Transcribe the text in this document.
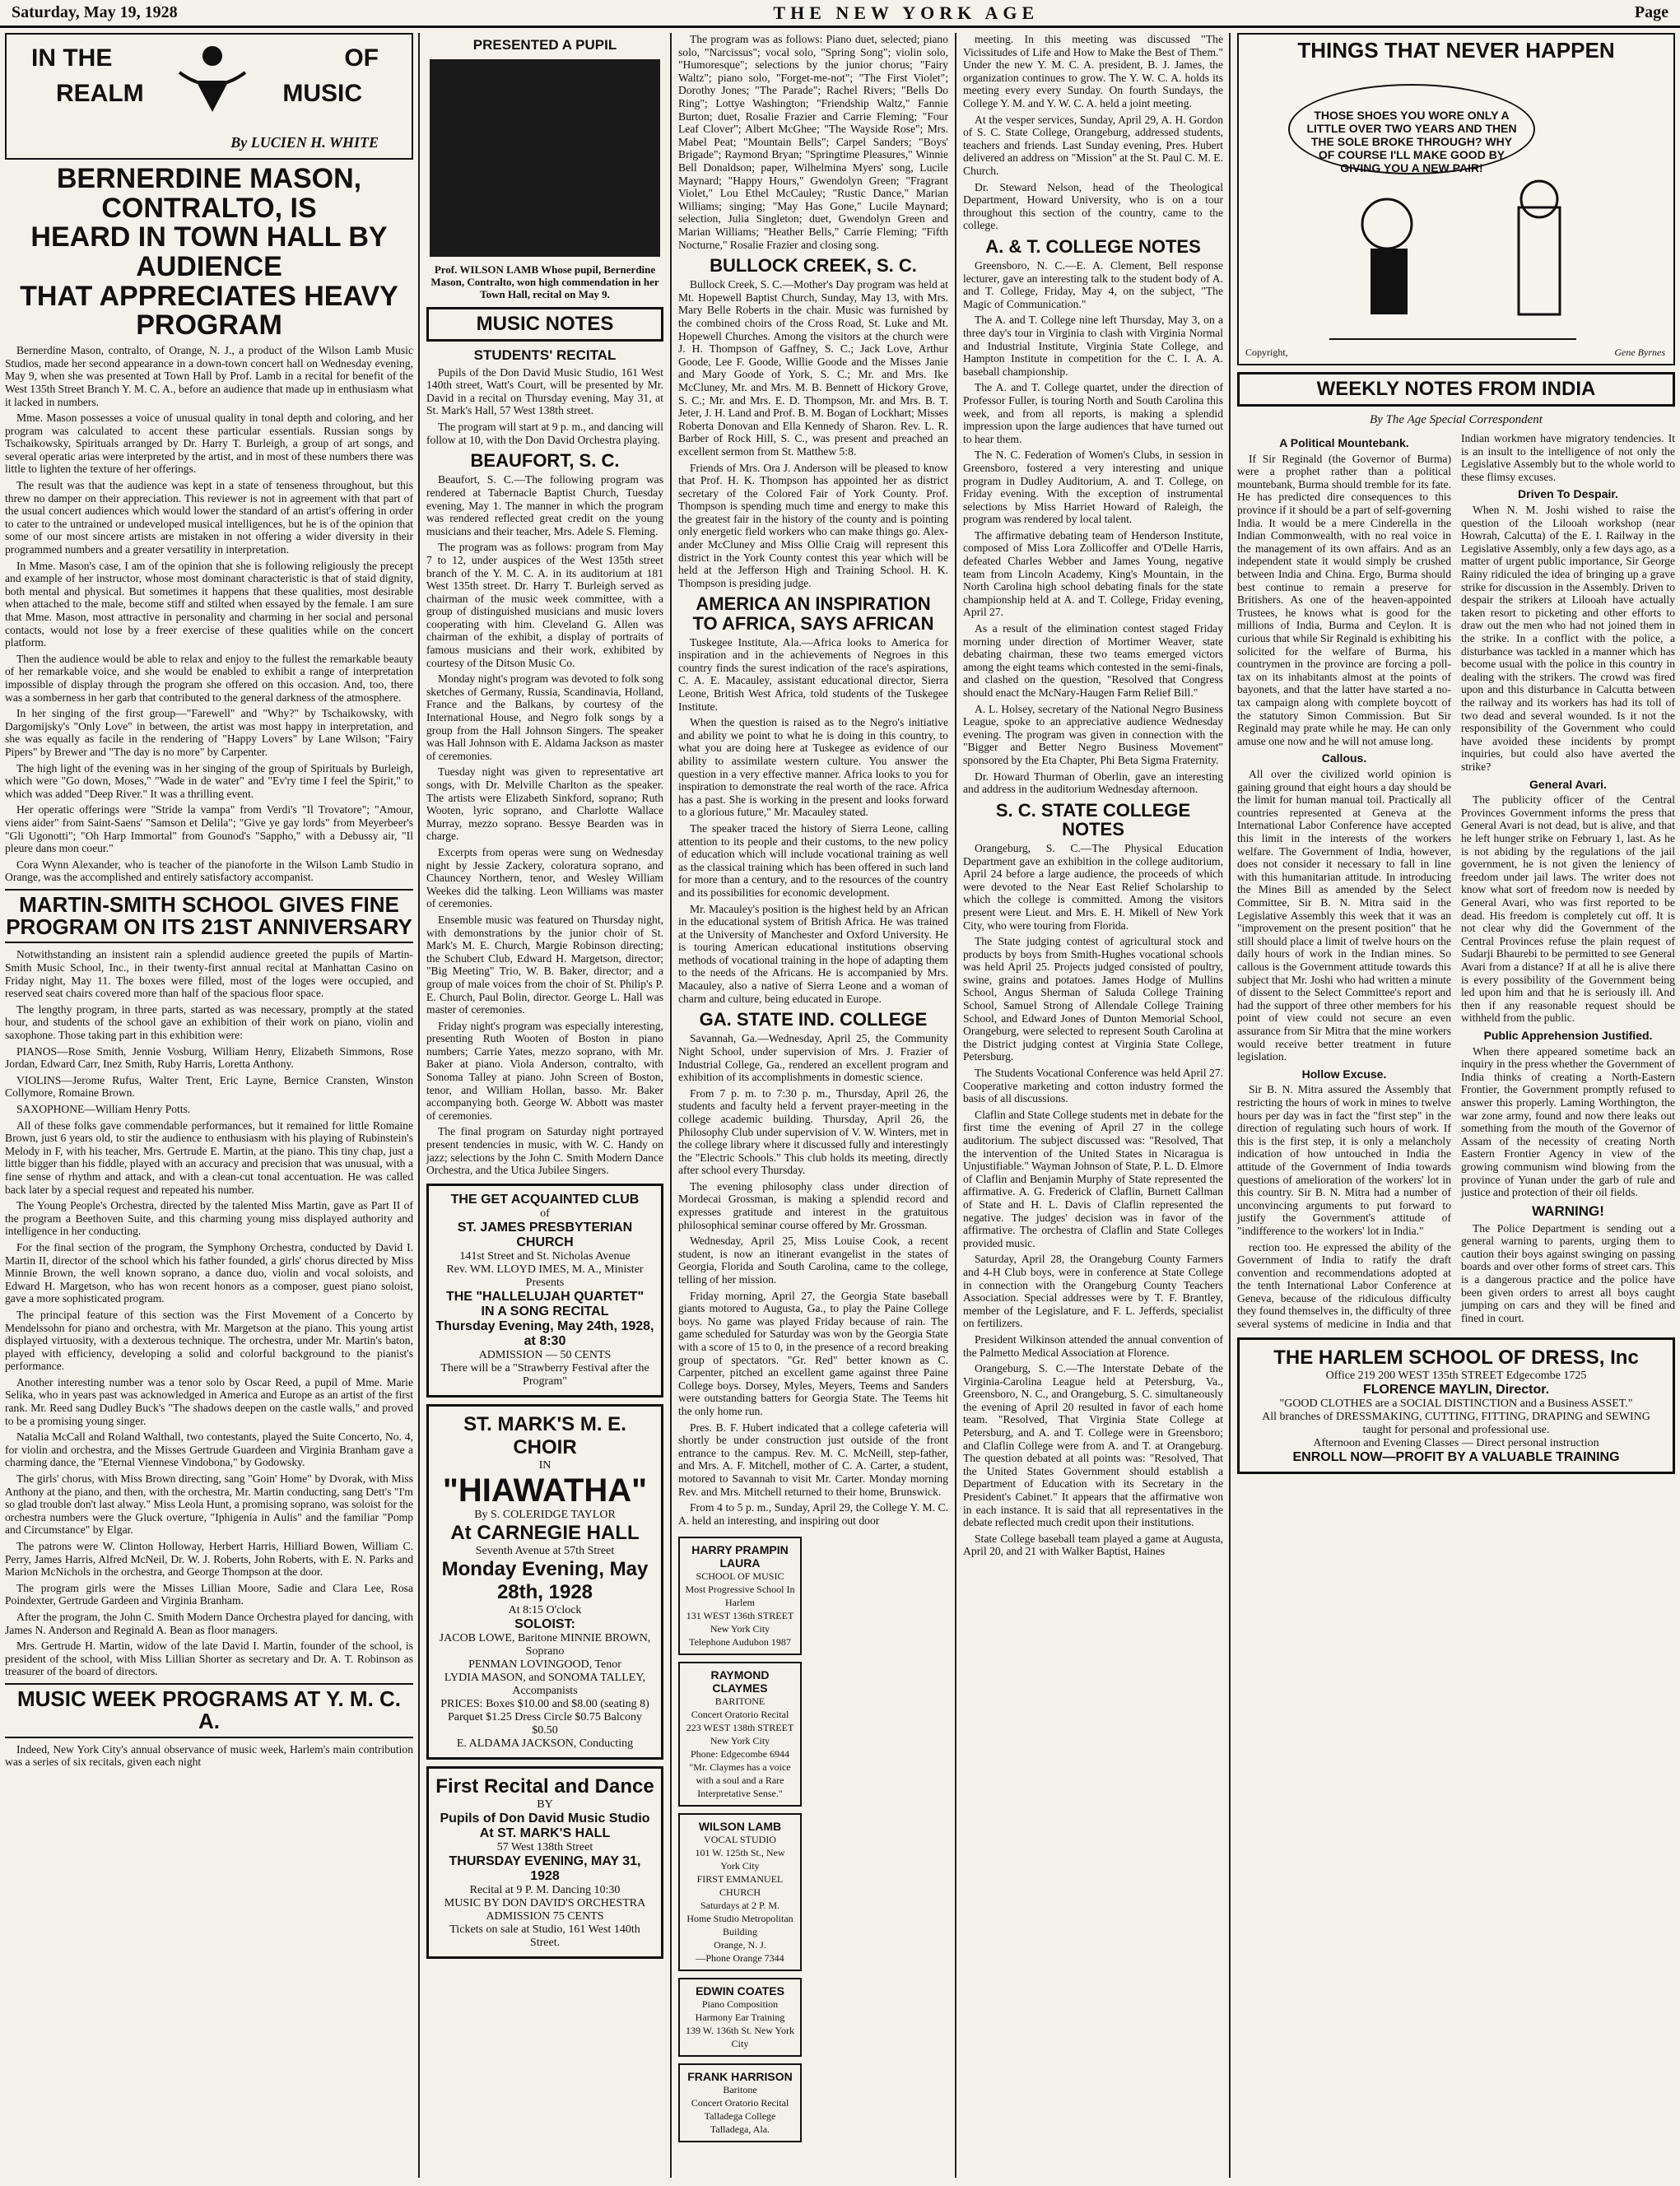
Saturday, May 19, 1928	THE NEW YORK AGE	Page
IN THE
REALM
OF
MUSIC
By LUCIEN H. WHITE
BERNERDINE MASON, CONTRALTO, IS
HEARD IN TOWN HALL BY AUDIENCE
THAT APPRECIATES HEAVY PROGRAM

Bernerdine Mason, contralto, of Orange, N. J., a product of the Wilson Lamb Music Studios, made her second appearance in a down-town concert hall on Wednesday evening, May 9, when she was presented at Town Hall by Prof. Lamb in a recital for benefit of the West 135th Street Branch Y. M. C. A., before an audience that made up in enthusiasm what it lacked in numbers.

Mme. Mason possesses a voice of unusual quality in tonal depth and coloring, and her program was calculated to accent these particular essentials. Russian songs by Tschaikowsky, Spirituals arranged by Dr. Harry T. Burleigh, a group of art songs, and several operatic arias were interpreted by the artist, and in most of these numbers there was little to lighten the texture of her offerings.

The result was that the audience was kept in a state of tenseness throughout, but this threw no damper on their appreciation. This reviewer is not in agreement with that part of the usual concert audiences which would lower the standard of an artist's offering in order to cater to the untrained or undeveloped musical intelligences, but he is of the opinion that some of our most sincere artists are mistaken in not offering a wider diversity in their programmed numbers and a greater versatility in interpretation.

In Mme. Mason's case, I am of the opinion that she is following religiously the precept and example of her instructor, whose most dominant characteristic is that of staid dignity, both mental and physical. But sometimes it happens that these qualities, most desirable when attached to the male, become stiff and stilted when essayed by the female. I am sure that Mme. Mason, most attractive in personality and charming in her social and personal contacts, would not lose by a freer exercise of these qualities while on the concert platform.

Then the audience would be able to relax and enjoy to the fullest the remarkable beauty of her remarkable voice, and she would be enabled to exhibit a range of interpretation impossible of display through the program she offered on this occasion. And, too, there was a somberness in her garb that contributed to the general darkness of the atmosphere.

In her singing of the first group—"Farewell" and "Why?" by Tschaikowsky, with Dargomijsky's "Only Love" in between, the artist was most happy in interpretation, and she was equally as facile in the rendering of "Happy Lovers" by Lane Wilson; "Fairy Pipers" by Brewer and "The day is no more" by Carpenter.

The high light of the evening was in her singing of the group of Spirituals by Burleigh, which were "Go down, Moses," "Wade in de water" and "Ev'ry time I feel the Spirit," to which was added "Deep River." It was a thrilling event.

Her operatic offerings were "Stride la vampa" from Verdi's "Il Trovatore"; "Amour, viens aider" from Saint-Saens' "Samson et Delila"; "Give ye gay lords" from Meyerbeer's "Gli Ugonotti"; "Oh Harp Immortal" from Gounod's "Sappho," with a Debussy air, "Il pleure dans mon coeur."

Cora Wynn Alexander, who is teacher of the pianoforte in the Wilson Lamb Studio in Orange, was the accomplished and entirely satisfactory accompanist.

MARTIN-SMITH SCHOOL GIVES FINE
PROGRAM ON ITS 21ST ANNIVERSARY

Notwithstanding an insistent rain a splendid audience greeted the pupils of Martin-Smith Music School, Inc., in their twenty-first annual recital at Manhattan Casino on Friday night, May 11. The boxes were filled, most of the loges were occupied, and reserved seat chairs covered more than half of the spacious floor space.

The lengthy program, in three parts, started as was necessary, promptly at the stated hour, and students of the school gave an exhibition of their work on piano, violin and saxophone. Those taking part in this exhibition were:

PIANOS—Rose Smith, Jennie Vosburg, William Henry, Elizabeth Simmons, Rose Jordan, Edward Carr, Inez Smith, Ruby Harris, Loretta Anthony.

VIOLINS—Jerome Rufus, Walter Trent, Eric Layne, Bernice Cransten, Winston Collymore, Romaine Brown.

SAXOPHONE—William Henry Potts.

All of these folks gave commendable performances, but it remained for little Romaine Brown, just 6 years old, to stir the audience to enthusiasm with his playing of Rubinstein's Melody in F, with his teacher, Mrs. Gertrude E. Martin, at the piano. This tiny chap, just a little bigger than his fiddle, played with an accuracy and precision that was unusual, with a fine sense of rhythm and attack, and with a clean-cut tonal accentuation. He was called back later by a special request and repeated his number.

The Young People's Orchestra, directed by the talented Miss Martin, gave as Part II of the program a Beethoven Suite, and this charming young miss displayed authority and intelligence in her conducting.

For the final section of the program, the Symphony Orchestra, conducted by David I. Martin II, director of the school which his father founded, a girls' chorus directed by Miss Minnie Brown, the well known soprano, a dance duo, violin and vocal soloists, and Edward H. Margetson, who has won recent honors as a composer, guest piano soloist, gave a more sophisticated program.

The principal feature of this section was the First Movement of a Concerto by Mendelssohn for piano and orchestra, with Mr. Margetson at the piano. This young artist displayed virtuosity, with a dexterous technique. The orchestra, under Mr. Martin's baton, played with efficiency, developing a solid and colorful background to the pianist's performance.

Another interesting number was a tenor solo by Oscar Reed, a pupil of Mme. Marie Selika, who in years past was acknowledged in America and Europe as an artist of the first rank. Mr. Reed sang Dudley Buck's "The shadows deepen on the castle walls," and proved to be a promising young singer.

Natalia McCall and Roland Walthall, two contestants, played the Suite Concerto, No. 4, for violin and orchestra, and the Misses Gertrude Guardeen and Virginia Branham gave a charming dance, the "Eternal Viennese Vindobona," by Godowsky.

The girls' chorus, with Miss Brown directing, sang "Goin' Home" by Dvorak, with Miss Anthony at the piano, and then, with the orchestra, Mr. Martin conducting, sang Dett's "I'm so glad trouble don't last alway." Miss Leola Hunt, a promising soprano, was soloist for the orchestra numbers were the Gluck overture, "Iphigenia in Aulis" and the familiar "Pomp and Circumstance" by Elgar.

The patrons were W. Clinton Holloway, Herbert Harris, Hilliard Bowen, William C. Perry, James Harris, Alfred McNeil, Dr. W. J. Roberts, John Roberts, with E. N. Parks and Marion McNichols in the orchestra, and George Thompson at the door.

The program girls were the Misses Lillian Moore, Sadie and Clara Lee, Rosa Poindexter, Gertrude Gardeen and Virginia Branham.

After the program, the John C. Smith Modern Dance Orchestra played for dancing, with James N. Anderson and Reginald A. Bean as floor managers.

Mrs. Gertrude H. Martin, widow of the late David I. Martin, founder of the school, is president of the school, with Miss Lillian Shorter as secretary and Dr. A. T. Robinson as treasurer of the board of directors.

MUSIC WEEK PROGRAMS AT Y. M. C. A.

Indeed, New York City's annual observance of music week, Harlem's main contribution was a series of six recitals, given each night

PRESENTED A PUPIL
Prof. WILSON LAMB Whose pupil, Bernerdine Mason, Contralto, won high commendation in her Town Hall, recital on May 9.
MUSIC NOTES
STUDENTS' RECITAL

Pupils of the Don David Music Studio, 161 West 140th street, Watt's Court, will be presented by Mr. David in a recital on Thursday evening, May 31, at St. Mark's Hall, 57 West 138th street.

The program will start at 9 p. m., and dancing will follow at 10, with the Don David Orchestra playing.

BEAUFORT, S. C.

Beaufort, S. C.—The following program was rendered at Tabernacle Baptist Church, Tuesday evening, May 1. The manner in which the program was rendered reflected great credit on the young musicians and their teacher, Mrs. Adele S. Fleming.

The program was as follows: program from May 7 to 12, under auspices of the West 135th street branch of the Y. M. C. A. in its auditorium at 181 West 135th street. Dr. Harry T. Burleigh served as chairman of the music week committee, with a group of distinguished musicians and music lovers cooperating with him. Cleveland G. Allen was chairman of the exhibit, a display of portraits of famous musicians and their work, exhibited by courtesy of the Ditson Music Co.

Monday night's program was devoted to folk song sketches of Germany, Russia, Scandinavia, Holland, France and the Balkans, by courtesy of the International House, and Negro folk songs by a group from the Hall Johnson Singers. The speaker was Hall Johnson with E. Aldama Jackson as master of ceremonies.

Tuesday night was given to representative art songs, with Dr. Melville Charlton as the speaker. The artists were Elizabeth Sinkford, soprano; Ruth Wooten, lyric soprano, and Charlotte Wallace Murray, mezzo soprano. Bessye Bearden was in charge.

Excerpts from operas were sung on Wednesday night by Jessie Zackery, coloratura soprano, and Chauncey Northern, tenor, and Wesley William Weekes did the talking. Leon Williams was master of ceremonies.

Ensemble music was featured on Thursday night, with demonstrations by the junior choir of St. Mark's M. E. Church, Margie Robinson directing; the Schubert Club, Edward H. Margetson, director; "Big Meeting" Trio, W. B. Baker, director; and a group of male voices from the choir of St. Philip's P. E. Church, Paul Bolin, director. George L. Hall was master of ceremonies.

Friday night's program was especially interesting, presenting Ruth Wooten of Boston in piano numbers; Carrie Yates, mezzo soprano, with Mr. Baker at piano. Viola Anderson, contralto, with Sonoma Talley at piano. John Screen of Boston, tenor, and William Hollan, basso. Mr. Baker accompanying both. George W. Abbott was master of ceremonies.

The final program on Saturday night portrayed present tendencies in music, with W. C. Handy on jazz; selections by the John C. Smith Modern Dance Orchestra, and the Utica Jubilee Singers.

THE GET ACQUAINTED CLUB
of
ST. JAMES PRESBYTERIAN CHURCH
141st Street and St. Nicholas Avenue
Rev. WM. LLOYD IMES, M. A., Minister
Presents
THE "HALLELUJAH QUARTET"
IN A SONG RECITAL
Thursday Evening, May 24th, 1928, at 8:30
ADMISSION — 50 CENTS
There will be a "Strawberry Festival after the Program"
ST. MARK'S M. E. CHOIR
IN
"HIAWATHA"
By S. COLERIDGE TAYLOR
At CARNEGIE HALL
Seventh Avenue at 57th Street
Monday Evening, May 28th, 1928
At 8:15 O'clock
SOLOIST:
JACOB LOWE, Baritone MINNIE BROWN, Soprano
PENMAN LOVINGOOD, Tenor
LYDIA MASON, and SONOMA TALLEY, Accompanists
PRICES: Boxes $10.00 and $8.00 (seating 8) Parquet $1.25 Dress Circle $0.75 Balcony $0.50
E. ALDAMA JACKSON, Conducting
First Recital and Dance
BY
Pupils of Don David Music Studio
At ST. MARK'S HALL
57 West 138th Street
THURSDAY EVENING, MAY 31, 1928
Recital at 9 P. M. Dancing 10:30
MUSIC BY DON DAVID'S ORCHESTRA
ADMISSION 75 CENTS
Tickets on sale at Studio, 161 West 140th Street.

The program was as follows: Piano duet, selected; piano solo, "Narcissus"; vocal solo, "Spring Song"; violin solo, "Humoresque"; selections by the junior chorus; "Fairy Waltz"; piano solo, "Forget-me-not"; "The First Violet"; Dorothy Jones; "The Parade"; Rachel Rivers; "Bells Do Ring"; Lottye Washington; "Friendship Waltz," Fannie Burton; duet, Rosalie Frazier and Carrie Fleming; "Four Leaf Clover"; Albert McGhee; "The Wayside Rose"; Mrs. Mabel Peat; "Mountain Bells"; Carpel Sanders; "Boys' Brigade"; Raymond Bryan; "Springtime Pleasures," Winnie Bell Donaldson; paper, Wilhelmina Myers' song, Lucile Maynard; "Happy Hours," Gwendolyn Green; "Fragrant Violet," Lou Ethel McCauley; "Rustic Dance," Marian Williams; singing; "May Has Gone," Lucile Maynard; selection, Julia Singleton; duet, Gwendolyn Green and Marian Williams; "Heather Bells," Carrie Fleming; "Fifth Nocturne," Rosalie Frazier and closing song.

BULLOCK CREEK, S. C.

Bullock Creek, S. C.—Mother's Day program was held at Mt. Hopewell Baptist Church, Sunday, May 13, with Mrs. Mary Belle Roberts in the chair. Music was furnished by the combined choirs of the Cross Road, St. Luke and Mt. Hopewell Churches. Among the visitors at the church were J. H. Thompson of Gaffney, S. C.; Jack Love, Arthur Goode, Lee F. Goode, Willie Goode and the Misses Janie and Mary Goode of York, S. C.; Mr. and Mrs. Ike McCluney, Mr. and Mrs. M. B. Bennett of Hickory Grove, S. C.; Mr. and Mrs. E. D. Thompson, Mr. and Mrs. B. T. Jeter, J. H. Land and Prof. B. M. Bogan of Lockhart; Misses Roberta Donovan and Ella Kennedy of Sharon. Rev. L. R. Barber of Rock Hill, S. C., was present and preached an excellent sermon from St. Matthew 5:8.

Friends of Mrs. Ora J. Anderson will be pleased to know that Prof. H. K. Thompson has appointed her as district secretary of the Colored Fair of York County. Prof. Thompson is spending much time and energy to make this the greatest fair in the history of the county and is pointing only energetic field workers who can make things go. Alex-ander McCluney and Miss Ollie Craig will represent this district in the York County contest this year which will be held at the Jefferson High and Training School. H. K. Thompson is presiding judge.

AMERICA AN INSPIRATION
TO AFRICA, SAYS AFRICAN

Tuskegee Institute, Ala.—Africa looks to America for inspiration and in the achievements of Negroes in this country finds the surest indication of the race's aspirations, C. A. E. Macauley, assistant educational director, Sierra Leone, British West Africa, told students of the Tuskegee Institute.

When the question is raised as to the Negro's initiative and ability we point to what he is doing in this country, to what you are doing here at Tuskegee as evidence of our ability to assimilate western culture. You answer the question in a very effective manner. Africa looks to you for inspiration to demonstrate the real worth of the race. Africa has a past. She is working in the present and looks forward to a glorious future," Mr. Macauley stated.

The speaker traced the history of Sierra Leone, calling attention to its people and their customs, to the new policy of education which will include vocational training as well as the classical training which has been offered in such land for more than a century, and to the resources of the country and its possibilities for economic development.

Mr. Macauley's position is the highest held by an African in the educational system of British Africa. He was trained at the University of Manchester and Oxford University. He is touring American educational institutions observing methods of vocational training in the hope of adapting them to the needs of the Africans. He is accompanied by Mrs. Macauley, also a native of Sierra Leone and a woman of charm and culture, being educated in Europe.

GA. STATE IND. COLLEGE

Savannah, Ga.—Wednesday, April 25, the Community Night School, under supervision of Mrs. J. Frazier of Industrial College, Ga., rendered an excellent program and exhibition of its accomplishments in domestic science.

From 7 p. m. to 7:30 p. m., Thursday, April 26, the students and faculty held a fervent prayer-meeting in the college academic building. Thursday, April 26, the Philosophy Club under supervision of V. W. Winters, met in the college library where it discussed fully and interestingly the "Electric Schools." This club holds its meeting, directly after school every Thursday.

The evening philosophy class under direction of Mordecai Grossman, is making a splendid record and expresses gratitude and interest in the gratuitous philosophical seminar course offered by Mr. Grossman.

Wednesday, April 25, Miss Louise Cook, a recent student, is now an itinerant evangelist in the states of Georgia, Florida and South Carolina, came to the college, telling of her mission.

Friday morning, April 27, the Georgia State baseball giants motored to Augusta, Ga., to play the Paine College boys. No game was played Friday because of rain. The game scheduled for Saturday was won by the Georgia State with a score of 15 to 0, in the presence of a record breaking group of spectators. "Gr. Red" better known as C. Carpenter, pitched an excellent game against three Paine College boys. Dorsey, Myles, Meyers, Teems and Sanders were outstanding batters for Georgia State. The Teems hit the only home run.

Pres. B. F. Hubert indicated that a college cafeteria will shortly be under construction just outside of the front entrance to the campus. Rev. M. C. McNeill, step-father, and Mrs. A. F. Mitchell, mother of C. A. Carter, a student, motored to Savannah to visit Mr. Carter. Monday morning Rev. and Mrs. Mitchell returned to their home, Brunswick.

From 4 to 5 p. m., Sunday, April 29, the College Y. M. C. A. held an interesting, and inspiring out door

HARRY PRAMPIN LAURA
SCHOOL OF MUSIC
Most Progressive School In Harlem
131 WEST 136th STREET
New York City
Telephone Audubon 1987
RAYMOND CLAYMES
BARITONE
Concert Oratorio Recital
223 WEST 138th STREET
New York City
Phone: Edgecombe 6944
"Mr. Claymes has a voice with a soul and a Rare Interpretative Sense."
WILSON LAMB
VOCAL STUDIO
101 W. 125th St., New York City
FIRST EMMANUEL CHURCH
Saturdays at 2 P. M.
Home Studio Metropolitan Building
Orange, N. J.
—Phone Orange 7344
EDWIN COATES
Piano Composition
Harmony Ear Training
139 W. 136th St. New York City
FRANK HARRISON
Baritone
Concert Oratorio Recital
Talladega College
Talladega, Ala.

meeting. In this meeting was discussed "The Vicissitudes of Life and How to Make the Best of Them." Under the new Y. M. C. A. president, B. J. James, the organization continues to grow. The Y. W. C. A. holds its meeting every every Sunday. On fourth Sundays, the College Y. M. and Y. W. C. A. held a joint meeting.

At the vesper services, Sunday, April 29, A. H. Gordon of S. C. State College, Orangeburg, addressed students, teachers and friends. Last Sunday evening, Pres. Hubert delivered an address on "Mission" at the St. Paul C. M. E. Church.

Dr. Steward Nelson, head of the Theological Department, Howard University, who is on a tour throughout this section of the country, came to the college.

A. & T. COLLEGE NOTES

Greensboro, N. C.—E. A. Clement, Bell response lecturer, gave an interesting talk to the student body of A. and T. College, Friday, May 4, on the subject, "The Magic of Communication."

The A. and T. College nine left Thursday, May 3, on a three day's tour in Virginia to clash with Virginia Normal and Industrial Institute, Virginia State College, and Hampton Institute in competition for the C. I. A. A. baseball championship.

The A. and T. College quartet, under the direction of Professor Fuller, is touring North and South Carolina this week, and from all reports, is making a splendid impression upon the large audiences that have turned out to hear them.

The N. C. Federation of Women's Clubs, in session in Greensboro, fostered a very interesting and unique program in Dudley Auditorium, A. and T. College, on Friday evening. With the exception of instrumental selections by Miss Harriet Howard of Raleigh, the program was rendered by local talent.

The affirmative debating team of Henderson Institute, composed of Miss Lora Zollicoffer and O'Delle Harris, defeated Charles Webber and James Young, negative team from Lincoln Academy, King's Mountain, in the North Carolina high school debating finals for the state championship held at A. and T. College, Friday evening, April 27.

As a result of the elimination contest staged Friday morning under direction of Mortimer Weaver, state debating chairman, these two teams emerged victors among the eight teams which contested in the semi-finals, and clashed on the question, "Resolved that Congress should enact the McNary-Haugen Farm Relief Bill."

A. L. Holsey, secretary of the National Negro Business League, spoke to an appreciative audience Wednesday evening. The program was given in connection with the "Bigger and Better Negro Business Movement" sponsored by the Eta Chapter, Phi Beta Sigma Fraternity.

Dr. Howard Thurman of Oberlin, gave an interesting and address in the auditorium Wednesday afternoon.

S. C. STATE COLLEGE NOTES

Orangeburg, S. C.—The Physical Education Department gave an exhibition in the college auditorium, April 24 before a large audience, the proceeds of which were devoted to the Near East Relief Scholarship to which the college is committed. Among the visitors present were Lieut. and Mrs. E. H. Mikell of New York City, who were touring from Florida.

The State judging contest of agricultural stock and products by boys from Smith-Hughes vocational schools was held April 25. Projects judged consisted of poultry, swine, grains and potatoes. James Hodge of Mullins School, Angus Sherman of Saluda College Training School, Samuel Strong of Allendale College Training School, and Edward Jones of Dunton Memorial School, Orangeburg, were selected to represent South Carolina at the District judging contest at Virginia State College, Petersburg.

The Students Vocational Conference was held April 27. Cooperative marketing and cotton industry formed the basis of all discussions.

Claflin and State College students met in debate for the first time the evening of April 27 in the college auditorium. The subject discussed was: "Resolved, That the intervention of the United States in Nicaragua is Unjustifiable." Wayman Johnson of State, P. L. D. Elmore of Claflin and Benjamin Murphy of State represented the affirmative. A. G. Frederick of Claflin, Burnett Callman of State and H. L. Davis of Claflin represented the negative. The judges' decision was in favor of the affirmative. The orchestra of Claflin and State Colleges provided music.

Saturday, April 28, the Orangeburg County Farmers and 4-H Club boys, were in conference at State College in connection with the Orangeburg County Teachers Association. Special addresses were by T. F. Brantley, member of the Legislature, and F. L. Jefferds, specialist on fertilizers.

President Wilkinson attended the annual convention of the Palmetto Medical Association at Florence.

Orangeburg, S. C.—The Interstate Debate of the Virginia-Carolina League held at Petersburg, Va., Greensboro, N. C., and Orangeburg, S. C. simultaneously the evening of April 20 resulted in favor of each home team. "Resolved, That Virginia State College at Petersburg, and A. and T. College were in Greensboro; and Claflin College were from A. and T. at Orangeburg. The question debated at all points was: "Resolved, That the United States Government should establish a Department of Education with its Secretary in the President's Cabinet." It appears that the affirmative won in each instance. It is said that all representatives in the debate reflected much credit upon their institutions.

State College baseball team played a game at Augusta, April 20, and 21 with Walker Baptist, Haines

THINGS THAT NEVER HAPPEN
THOSE SHOES YOU WORE ONLY A LITTLE OVER TWO YEARS AND THEN THE SOLE BROKE THROUGH? WHY OF COURSE I'LL MAKE GOOD BY GIVING YOU A NEW PAIR!
Copyright,	Gene Byrnes
WEEKLY NOTES FROM INDIA
By The Age Special Correspondent
A Political Mountebank.

If Sir Reginald (the Governor of Burma) were a prophet rather than a political mountebank, Burma should tremble for its fate. He has predicted dire consequences to this province if it should be a part of self-governing India. It would be a mere Cinderella in the Indian Commonwealth, with no real voice in the management of its own affairs. And as an independent state it would simply be crushed between India and China. Ergo, Burma should best continue to remain a preserve for Britishers. As one of the heaven-appointed Trustees, he knows what is good for the millions of India, Burma and Ceylon. It is curious that while Sir Reginald is exhibiting his solicited for the welfare of Burma, his countrymen in the province are forcing a poll-tax on its inhabitants almost at the points of bayonets, and that the latter have started a no-tax campaign along with complete boycott of the statutory Simon Commission. But Sir Reginald may prate while he may. He can only amuse one now and he will not amuse long.

Callous.

All over the civilized world opinion is gaining ground that eight hours a day should be the limit for human manual toil. Practically all countries represented at Geneva at the International Labor Conference have accepted this limit in the interests of the workers welfare. The Government of India, however, does not consider it necessary to fall in line with this humanitarian attitude. In introducing the Mines Bill as amended by the Select Committee, Sir B. N. Mitra said in the Legislative Assembly this week that it was an "improvement on the present position" that he still should place a limit of twelve hours on the daily hours of work in the Indian mines. So callous is the Government attitude towards this subject that Mr. Joshi who had written a minute of dissent to the Select Committee's report and had the support of three other members for his point of view could not secure an even assurance from Sir Mitra that the mine workers would receive better treatment in future legislation.

Hollow Excuse.

Sir B. N. Mitra assured the Assembly that restricting the hours of work in mines to twelve hours per day was in fact the "first step" in the direction of regulating such hours of work. If this is the first step, it is only a melancholy indication of how untouched in India the attitude of the Government of India towards questions of amelioration of the workers' lot in this country. Sir B. N. Mitra had a number of unconvincing arguments to put forward to justify the Government's attitude of "indifference to the workers' lot in India."

rection too. He expressed the ability of the Government of India to ratify the draft convention and recommendations adopted at the tenth International Labor Conference at Geneva, because of the ridiculous difficulty they found themselves in, the difficulty of three several systems of medicine in India and that Indian workmen have migratory tendencies. It is an insult to the intelligence of not only the Legislative Assembly but to the whole world to these flimsy excuses.

Driven To Despair.

When N. M. Joshi wished to raise the question of the Lilooah workshop (near Howrah, Calcutta) of the E. I. Railway in the Legislative Assembly, only a few days ago, as a matter of urgent public importance, Sir George Rainy ridiculed the idea of bringing up a grave strike for discussion in the Assembly. Driven to despair the strikers at Lilooah have actually taken resort to picketing and other efforts to draw out the men who had not joined them in the strike. In a conflict with the police, a disturbance was tackled in a manner which has become usual with the police in this country in dealing with the strikers. The crowd was fired upon and this disturbance in Calcutta between the railway and its workers has had its toll of two dead and several wounded. Is it not the responsibility of the Government who could have avoided these incidents by prompt inquiries, but could also have averted the strike?

General Avari.

The publicity officer of the Central Provinces Government informs the press that General Avari is not dead, but is alive, and that he left hunger strike on February 1, last. As he is not abiding by the regulations of the jail government, he is not given the leniency of freedom under jail laws. The writer does not know what sort of freedom now is needed by General Avari, who was first reported to be dead. His freedom is completely cut off. It is not clear why did the Government of the Central Provinces refuse the plain request of Sudarji Bhaurebi to be permitted to see General Avari from a distance? If at all he is alive there is every possibility of the Government being led upon him and that he is seriously ill. And then if any reasonable request should be withheld from the public.

Public Apprehension Justified.

When there appeared sometime back an inquiry in the press whether the Government of India thinks of creating a North-Eastern Frontier, the Government promptly refused to answer this properly. Laming Worthington, the war zone army, found and now there leaks out something from the mouth of the Governor of Assam of the necessity of creating North Eastern Frontier Agency in view of the growing communism wind blowing from the province of Yunan under the garb of rule and justice and protection of their oil fields.

WARNING!

The Police Department is sending out a general warning to parents, urging them to caution their boys against swinging on passing boards and over other forms of street cars. This is a dangerous practice and the police have been given orders to arrest all boys caught jumping on cars and they will be fined and fined in court.

THE HARLEM SCHOOL OF DRESS, Inc
Office 219 200 WEST 135th STREET Edgecombe 1725
FLORENCE MAYLIN, Director.
"GOOD CLOTHES are a SOCIAL DISTINCTION and a Business ASSET."
All branches of DRESSMAKING, CUTTING, FITTING, DRAPING and SEWING taught for personal and professional use.
Afternoon and Evening Classes — Direct personal instruction
ENROLL NOW—PROFIT BY A VALUABLE TRAINING
